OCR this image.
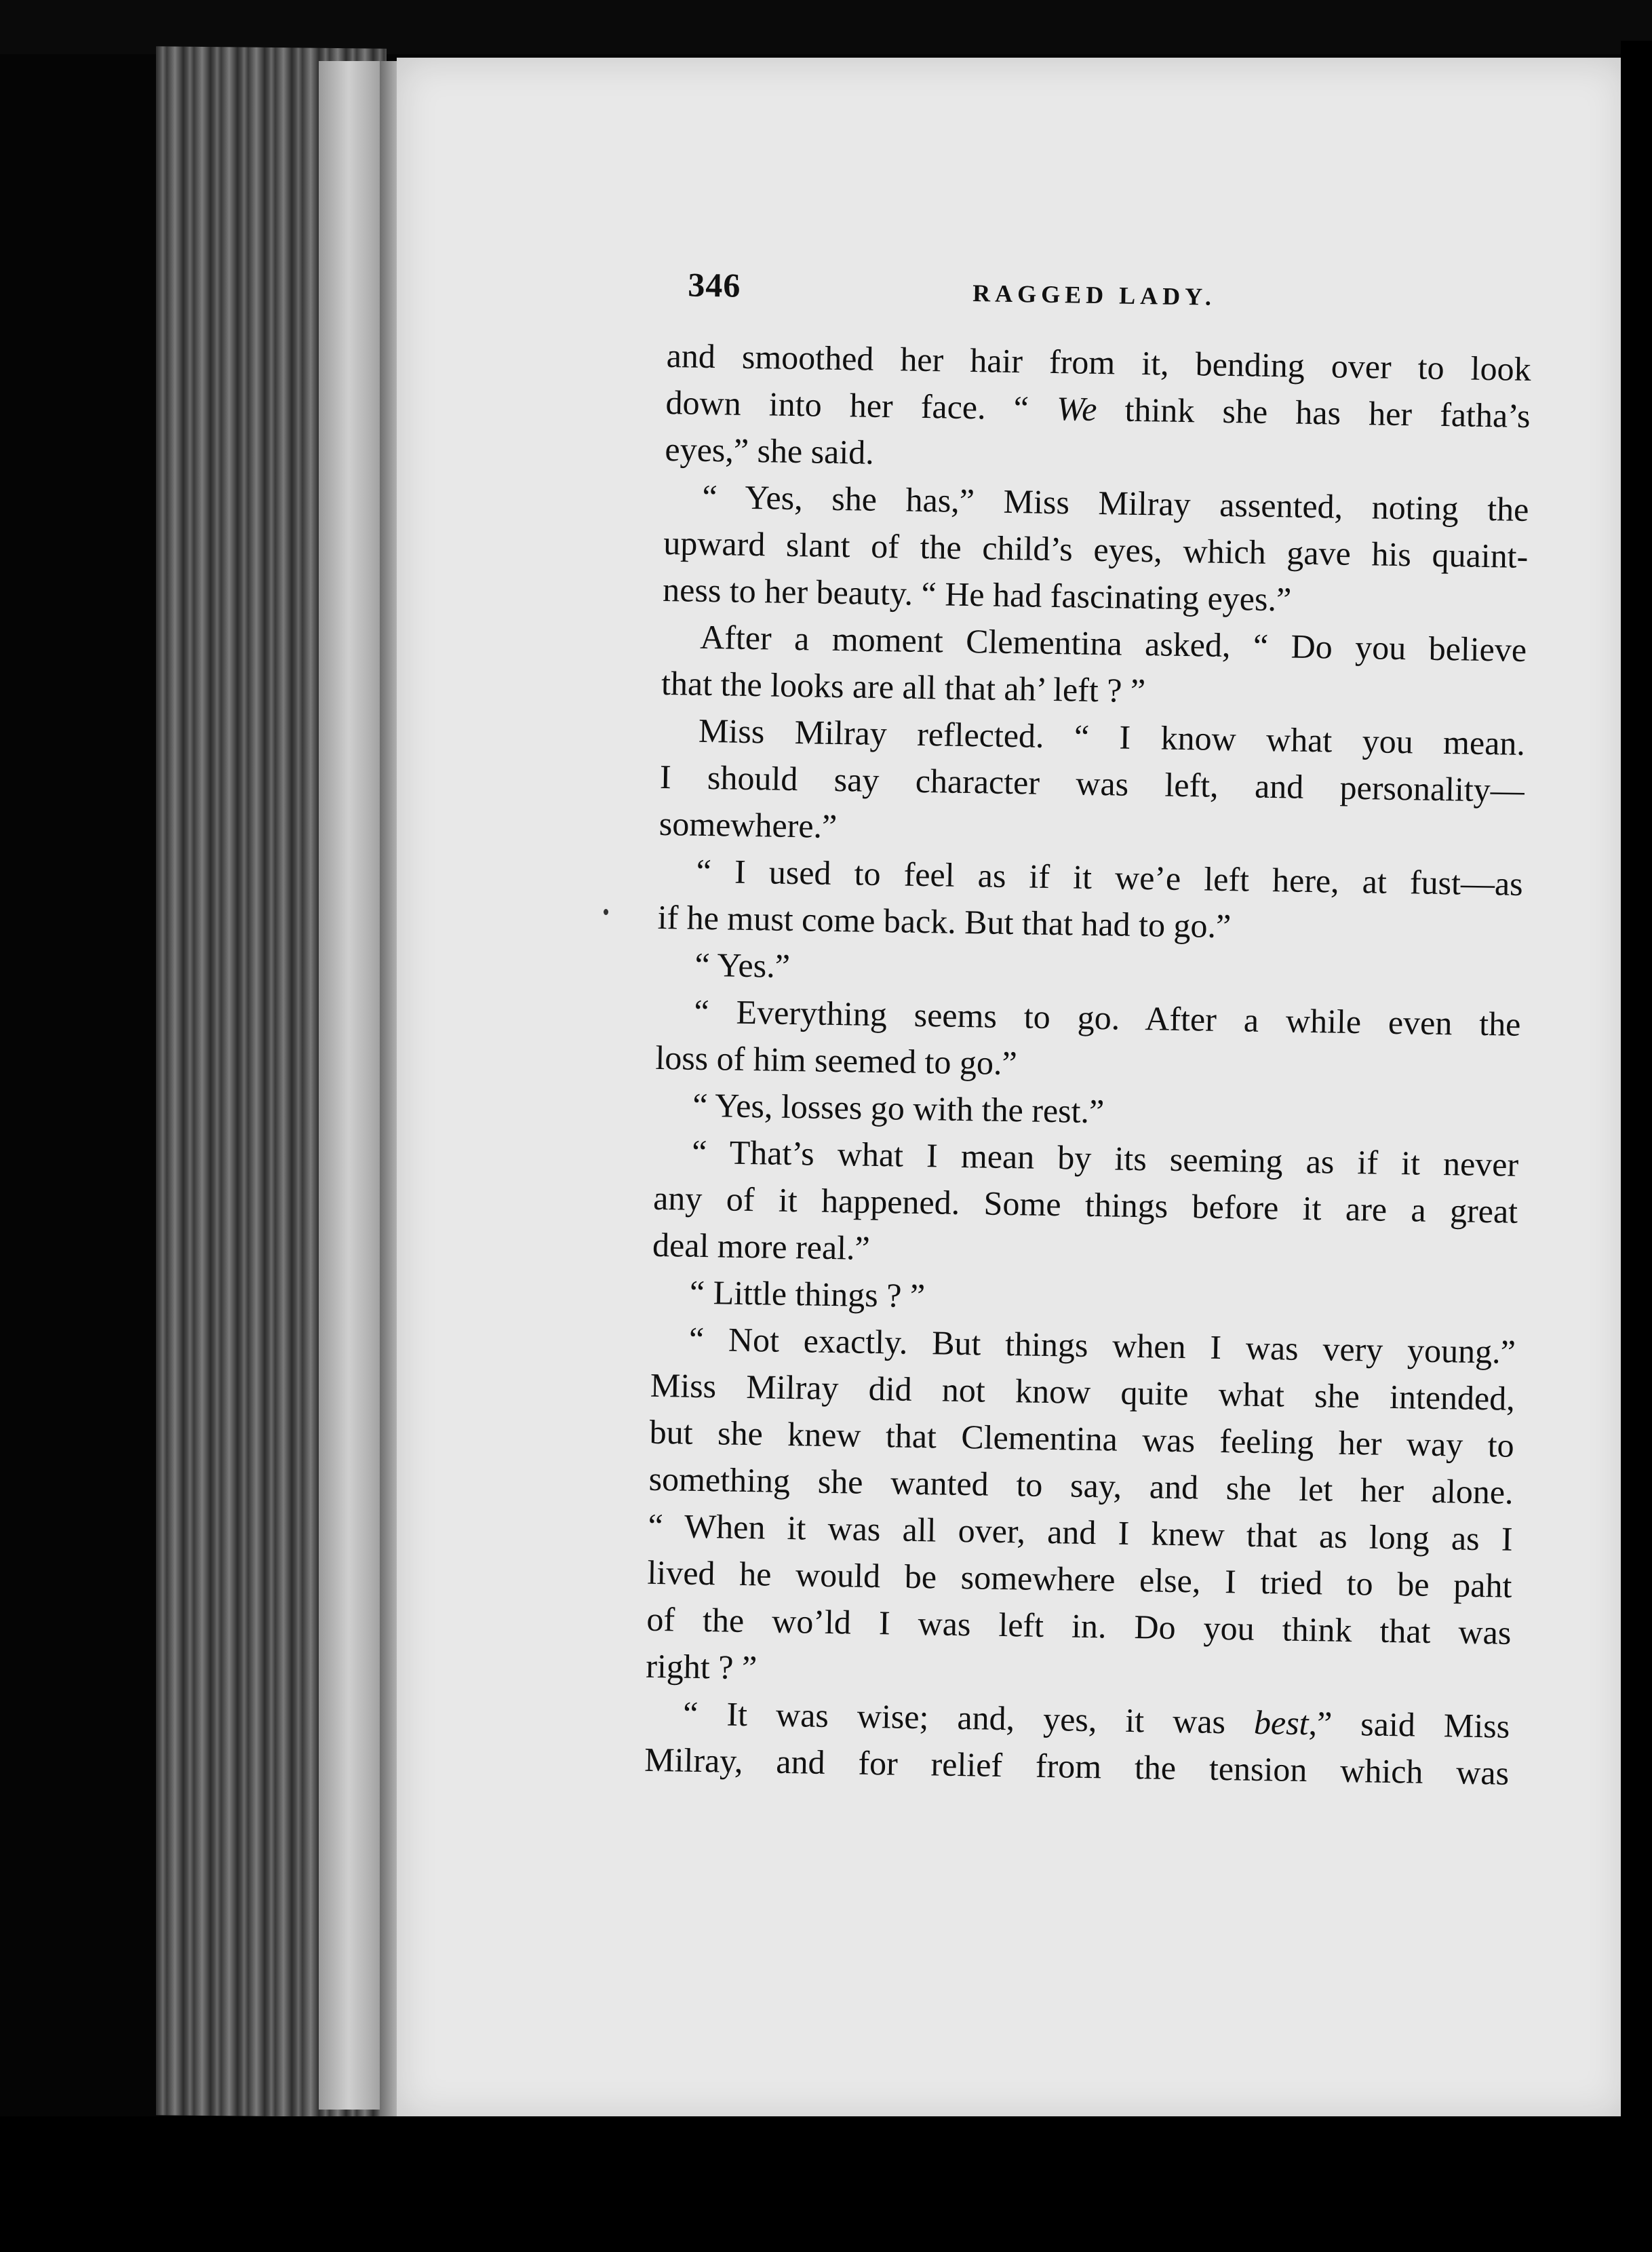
346	RAGGED LADY.
and smoothed her hair from it, bending over to look
down into her face. “ We think she has her fatha’s
eyes,” she said.
“ Yes, she has,” Miss Milray assented, noting the
upward slant of the child’s eyes, which gave his quaint-
ness to her beauty. “ He had fascinating eyes.”
After a moment Clementina asked, “ Do you believe
that the looks are all that ah’ left ? ”
Miss Milray reflected. “ I know what you mean.
I should say character was left, and personality—
somewhere.”
“ I used to feel as if it we’e left here, at fust—as
if he must come back. But that had to go.”
“ Yes.”
“ Everything seems to go. After a while even the
loss of him seemed to go.”
“ Yes, losses go with the rest.”
“ That’s what I mean by its seeming as if it never
any of it happened. Some things before it are a great
deal more real.”
“ Little things ? ”
“ Not exactly. But things when I was very young.”
Miss Milray did not know quite what she intended,
but she knew that Clementina was feeling her way to
something she wanted to say, and she let her alone.
“ When it was all over, and I knew that as long as I
lived he would be somewhere else, I tried to be paht
of the wo’ld I was left in. Do you think that was
right ? ”
“ It was wise; and, yes, it was best,” said Miss
Milray, and for relief from the tension which was
